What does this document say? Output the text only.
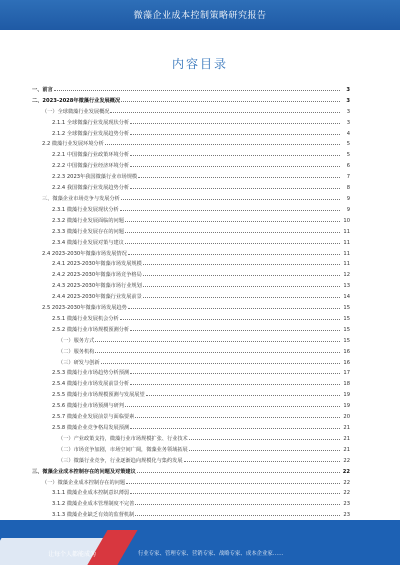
微藻企业成本控制策略研究报告
内容目录
一、前言	3
二、2023-2028年微藻行业发展概况	3
（一）全球微藻行业发展概况	3
2.1.1 全球微藻行业发展现状分析	3
2.1.2 全球微藻行业发展趋势分析	4
2.2 微藻行业发展环境分析	5
2.2.1 中国微藻行业政策环境分析	5
2.2.2 中国微藻行业经济环境分析	6
2.2.3 2023年我国微藻行业市场规模	7
2.2.4 我国微藻行业发展趋势分析	8
三、微藻企业市场竞争与发展分析	9
2.3.1 微藻行业发展现状分析	9
2.3.2 微藻行业发展面临的问题	10
2.3.3 微藻行业发展存在的问题	11
2.3.4 微藻行业发展对策与建议	11
2.4 2023-2030年微藻市场发展情况	11
2.4.1 2023-2030年微藻市场发展规模	11
2.4.2 2023-2030年微藻市场竞争格局	12
2.4.3 2023-2030年微藻市场行业规划	13
2.4.4 2023-2030年微藻行业发展前景	14
2.5 2023-2030年微藻市场发展趋势	15
2.5.1 微藻行业发展机会分析	15
2.5.2 微藻行业市场规模预测分析	15
（一）服务方式	15
（二）服务机构	16
（三）研发与创新	16
2.5.3 微藻行业市场趋势分析预测	17
2.5.4 微藻行业市场发展前景分析	18
2.5.5 微藻行业市场规模预测与发展展望	19
2.5.6 微藻行业市场预测与研判	19
2.5.7 微藻企业发展前景与面临要素	20
2.5.8 微藻企业竞争格局发展预测	21
（一）产业政策支持，微藻行业市场规模扩张、行业技术	21
（二）市场竞争加剧，市场空间广阔，微藻业务领域拓展	21
（三）微藻行业竞争，行业逐渐趋向规模化与集约发展	22
三、微藻企业成本控制存在的问题及对策建议	22
（一）微藻企业成本控制存在的问题	22
3.1.1 微藻企业成本控制意识薄弱	22
3.1.2 微藻企业成本管理制度不完善	23
3.1.3 微藻企业缺乏有效的监督机制	23
让每个人都能成为	行业专家、管理专家、营销专家、战略专家、成本企业家……
